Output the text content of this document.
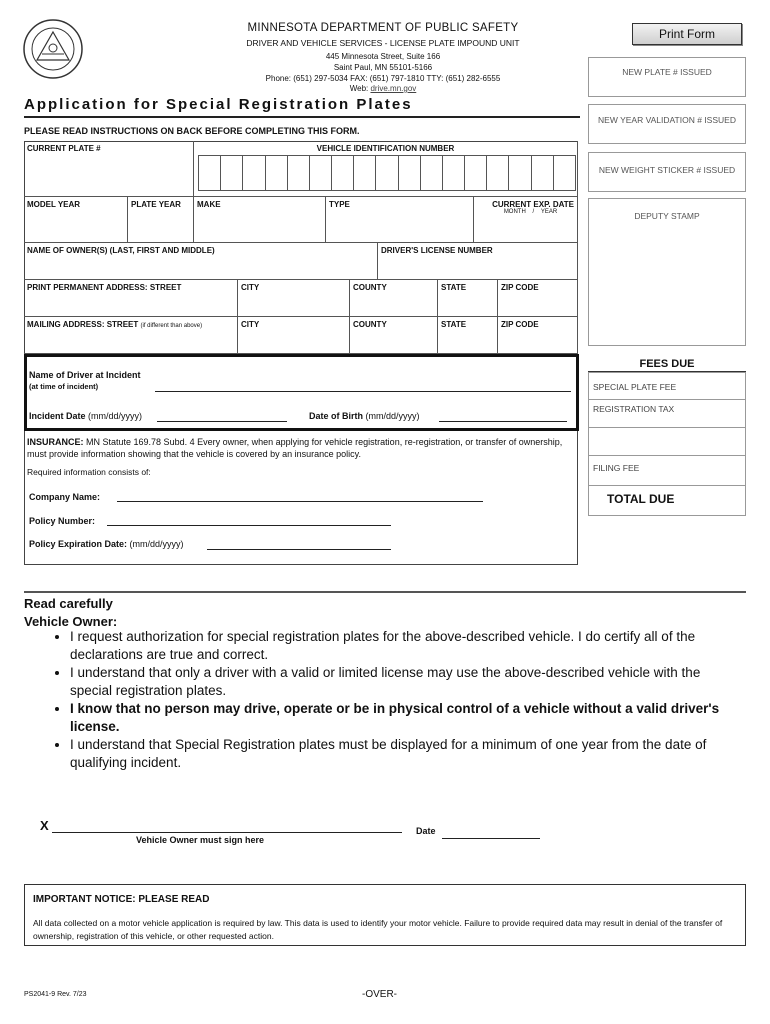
MINNESOTA DEPARTMENT OF PUBLIC SAFETY
DRIVER AND VEHICLE SERVICES - LICENSE PLATE IMPOUND UNIT
445 Minnesota Street, Suite 166
Saint Paul, MN 55101-5166
Phone: (651) 297-5034 FAX: (651) 797-1810 TTY: (651) 282-6555
Web: drive.mn.gov
Print Form
Application for Special Registration Plates
PLEASE READ INSTRUCTIONS ON BACK BEFORE COMPLETING THIS FORM.
CURRENT PLATE #	VEHICLE IDENTIFICATION NUMBER
MODEL YEAR	PLATE YEAR	MAKE	TYPE	CURRENT EXP. DATE
MONTH / YEAR
NAME OF OWNER(S) (LAST, FIRST AND MIDDLE)	DRIVER'S LICENSE NUMBER
PRINT PERMANENT ADDRESS: STREET	CITY	COUNTY	STATE	ZIP CODE
MAILING ADDRESS: STREET (if different than above)	CITY	COUNTY	STATE	ZIP CODE
Name of Driver at Incident
(at time of incident)
Incident Date (mm/dd/yyyy)	Date of Birth (mm/dd/yyyy)
INSURANCE: MN Statute 169.78 Subd. 4 Every owner, when applying for vehicle registration, re-registration, or transfer of ownership, must provide information showing that the vehicle is covered by an insurance policy.
Required information consists of:
Company Name:
Policy Number:
Policy Expiration Date: (mm/dd/yyyy)
NEW PLATE # ISSUED
NEW YEAR VALIDATION # ISSUED
NEW WEIGHT STICKER # ISSUED
DEPUTY STAMP
FEES DUE
SPECIAL PLATE FEE
REGISTRATION TAX
FILING FEE
TOTAL DUE
Read carefully
Vehicle Owner:
• I request authorization for special registration plates for the above-described vehicle. I do certify all of the declarations are true and correct.
• I understand that only a driver with a valid or limited license may use the above-described vehicle with the special registration plates.
• I know that no person may drive, operate or be in physical control of a vehicle without a valid driver's license.
• I understand that Special Registration plates must be displayed for a minimum of one year from the date of qualifying incident.
X
Vehicle Owner must sign here
Date
IMPORTANT NOTICE: PLEASE READ
All data collected on a motor vehicle application is required by law. This data is used to identify your motor vehicle. Failure to provide required data may result in denial of the transfer of ownership, registration of this vehicle, or other requested action.
PS2041-9 Rev. 7/23	-OVER-
